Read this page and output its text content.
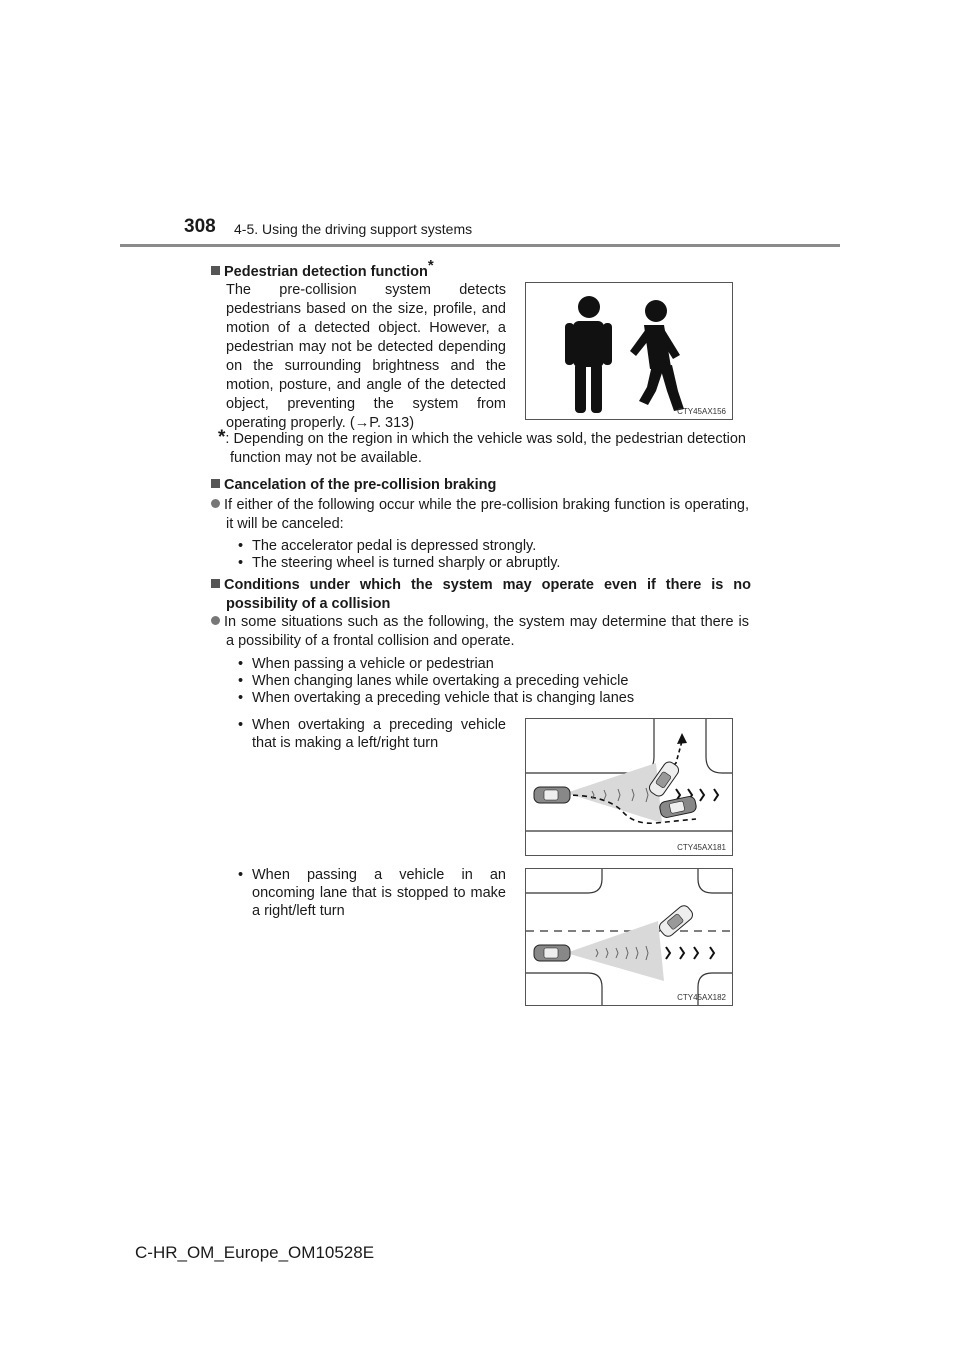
308 4-5. Using the driving support systems
Pedestrian detection function*
The pre-collision system detects pedestrians based on the size, profile, and motion of a detected object. However, a pedestrian may not be detected depending on the surrounding brightness and the motion, posture, and angle of the detected object, preventing the system from operating properly. (→P. 313)
CTY45AX156
*: Depending on the region in which the vehicle was sold, the pedestrian detection function may not be available.
Cancelation of the pre-collision braking
If either of the following occur while the pre-collision braking function is operating, it will be canceled:
• The accelerator pedal is depressed strongly.
• The steering wheel is turned sharply or abruptly.
Conditions under which the system may operate even if there is no possibility of a collision
In some situations such as the following, the system may determine that there is a possibility of a frontal collision and operate.
• When passing a vehicle or pedestrian
• When changing lanes while overtaking a preceding vehicle
• When overtaking a preceding vehicle that is changing lanes
• When overtaking a preceding vehicle that is making a left/right turn
CTY45AX181
• When passing a vehicle in an oncoming lane that is stopped to make a right/left turn
CTY45AX182
C-HR_OM_Europe_OM10528E
